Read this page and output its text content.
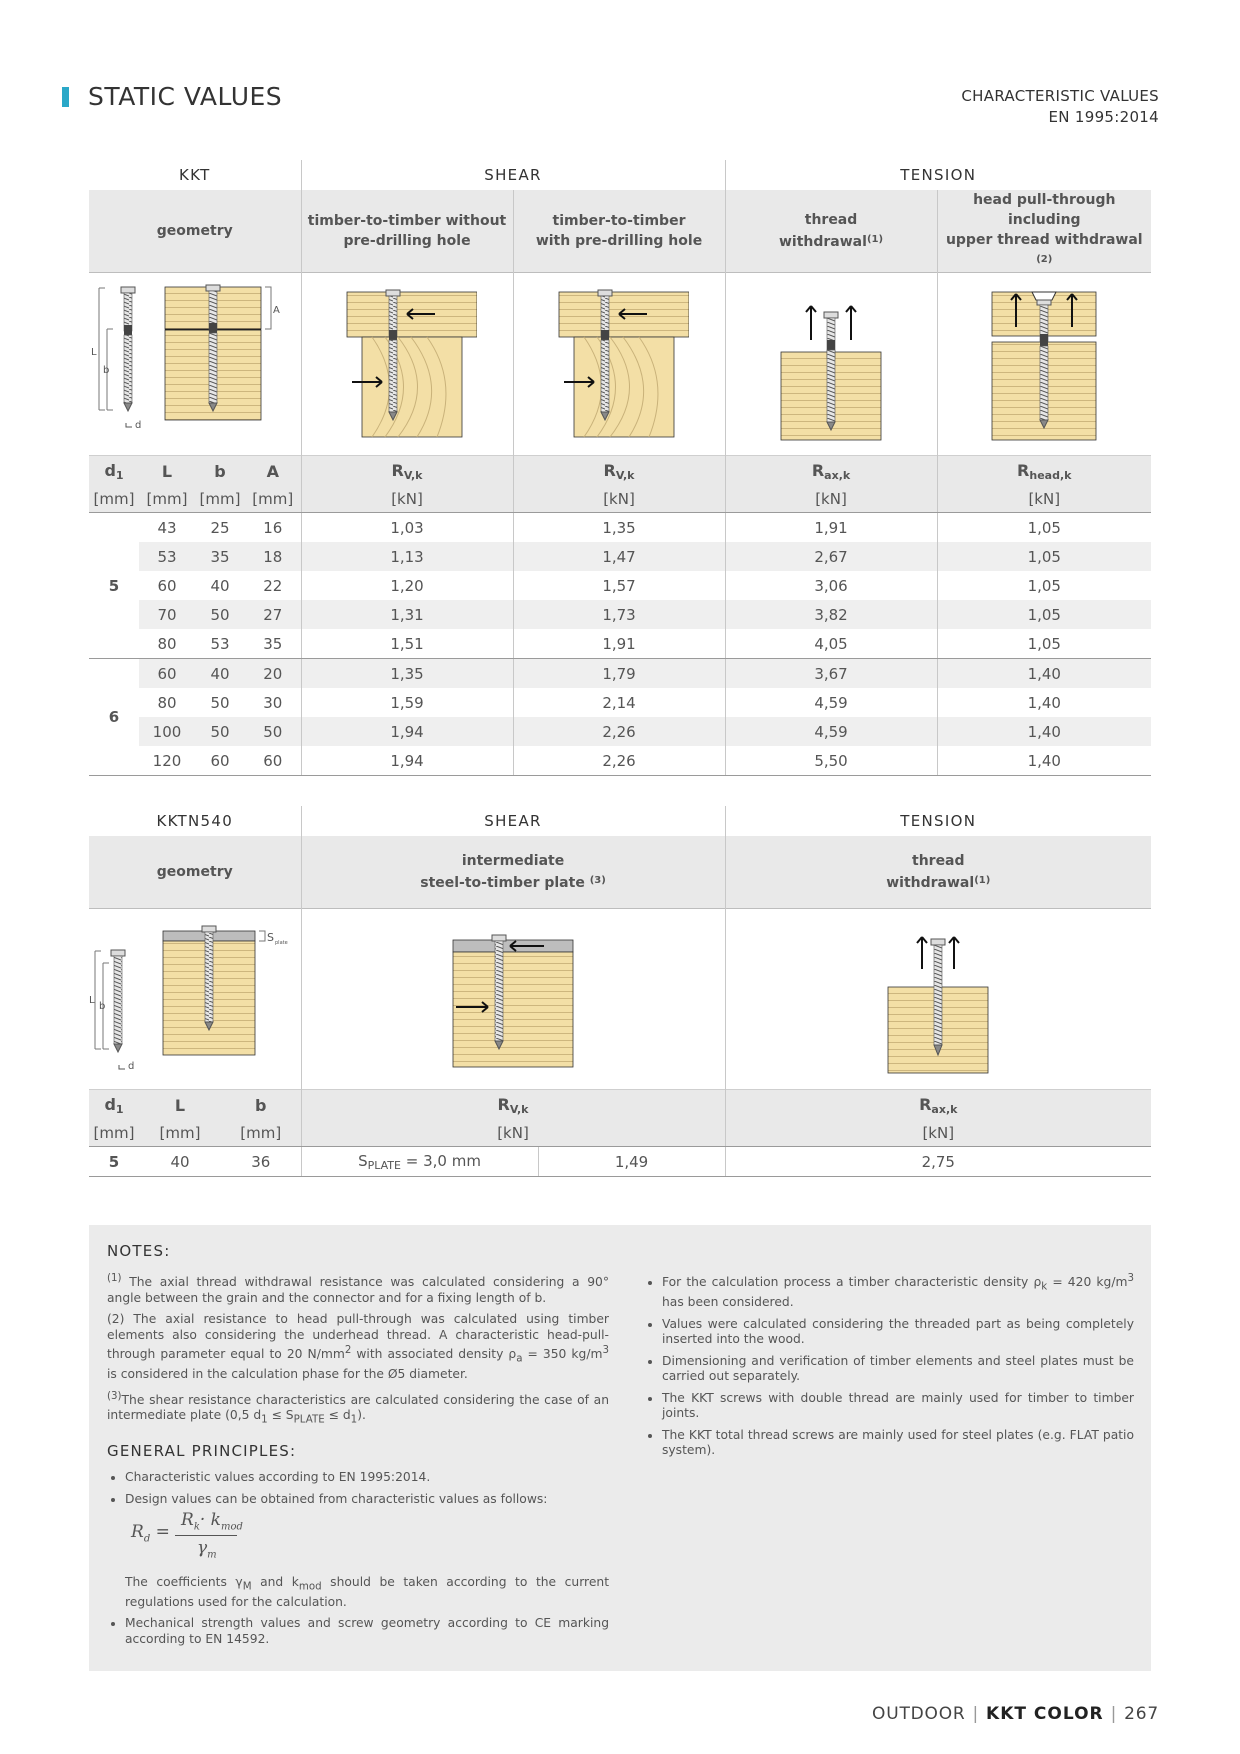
STATIC VALUES	CHARACTERISTIC VALUES
EN 1995:2014
KKT				SHEAR		TENSION	
geometry				timber-to-timber without
pre-drilling hole	timber-to-timber
with pre-drilling hole	thread
withdrawal$^{(1)}$	head pull-through including
upper thread withdrawal $^{(2)}$

L
b
d
A

$d_1$	L	b	A	$R_{V,k}$	$R_{V,k}$	$R_{ax,k}$	$R_{head,k}$
[mm]	[mm]	[mm]	[mm]	[kN]	[kN]	[kN]	[kN]
5	43	25	16	1,03	1,35	1,91	1,05
	53	35	18	1,13	1,47	2,67	1,05
	60	40	22	1,20	1,57	3,06	1,05
	70	50	27	1,31	1,73	3,82	1,05
	80	53	35	1,51	1,91	4,05	1,05
6	60	40	20	1,35	1,79	3,67	1,40
	80	50	30	1,59	2,14	4,59	1,40
	100	50	50	1,94	2,26	4,59	1,40
	120	60	60	1,94	2,26	5,50	1,40
KKTN540			SHEAR		TENSION
geometry			intermediate
steel-to-timber plate $^{(3)}$		thread
withdrawal$^{(1)}$

L
b
d
S plate

$d_1$	L	b	$R_{V,k}$		$R_{ax,k}$
[mm]	[mm]	[mm]	[kN]		[kN]
5	40	36	$S_{PLATE} = 3,0$ mm	1,49	2,75
NOTES:

$^{(1)}$ The axial thread withdrawal resistance was calculated considering a 90° angle between the grain and the connector and for a fixing length of b.

(2) The axial resistance to head pull-through was calculated using timber elements also considering the underhead thread. A characteristic head-pull-through parameter equal to 20 $N/mm^2$ with associated density $\rho_a = 350$ $kg/m^3$ is considered in the calculation phase for the Ø5 diameter.

$^{(3)}$The shear resistance characteristics are calculated considering the case of an intermediate plate (0,5 $d_1 \le S_{PLATE} \le d_1$).

GENERAL PRINCIPLES:
• Characteristic values according to EN 1995:2014.
• Design values can be obtained from characteristic values as follows:
$R_d$ =
$R_k\cdot k_{mod}$
$\gamma_m$
The coefficients $\gamma_M$ and $k_{mod}$ should be taken according to the current regulations used for the calculation.
• Mechanical strength values and screw geometry according to CE marking according to EN 14592.
• For the calculation process a timber characteristic density $\rho_k = 420$ $kg/m^3$ has been considered.
• Values were calculated considering the threaded part as being completely inserted into the wood.
• Dimensioning and verification of timber elements and steel plates must be carried out separately.
• The KKT screws with double thread are mainly used for timber to timber joints.
• The KKT total thread screws are mainly used for steel plates (e.g. FLAT patio system).
OUTDOOR | KKT COLOR | 267
